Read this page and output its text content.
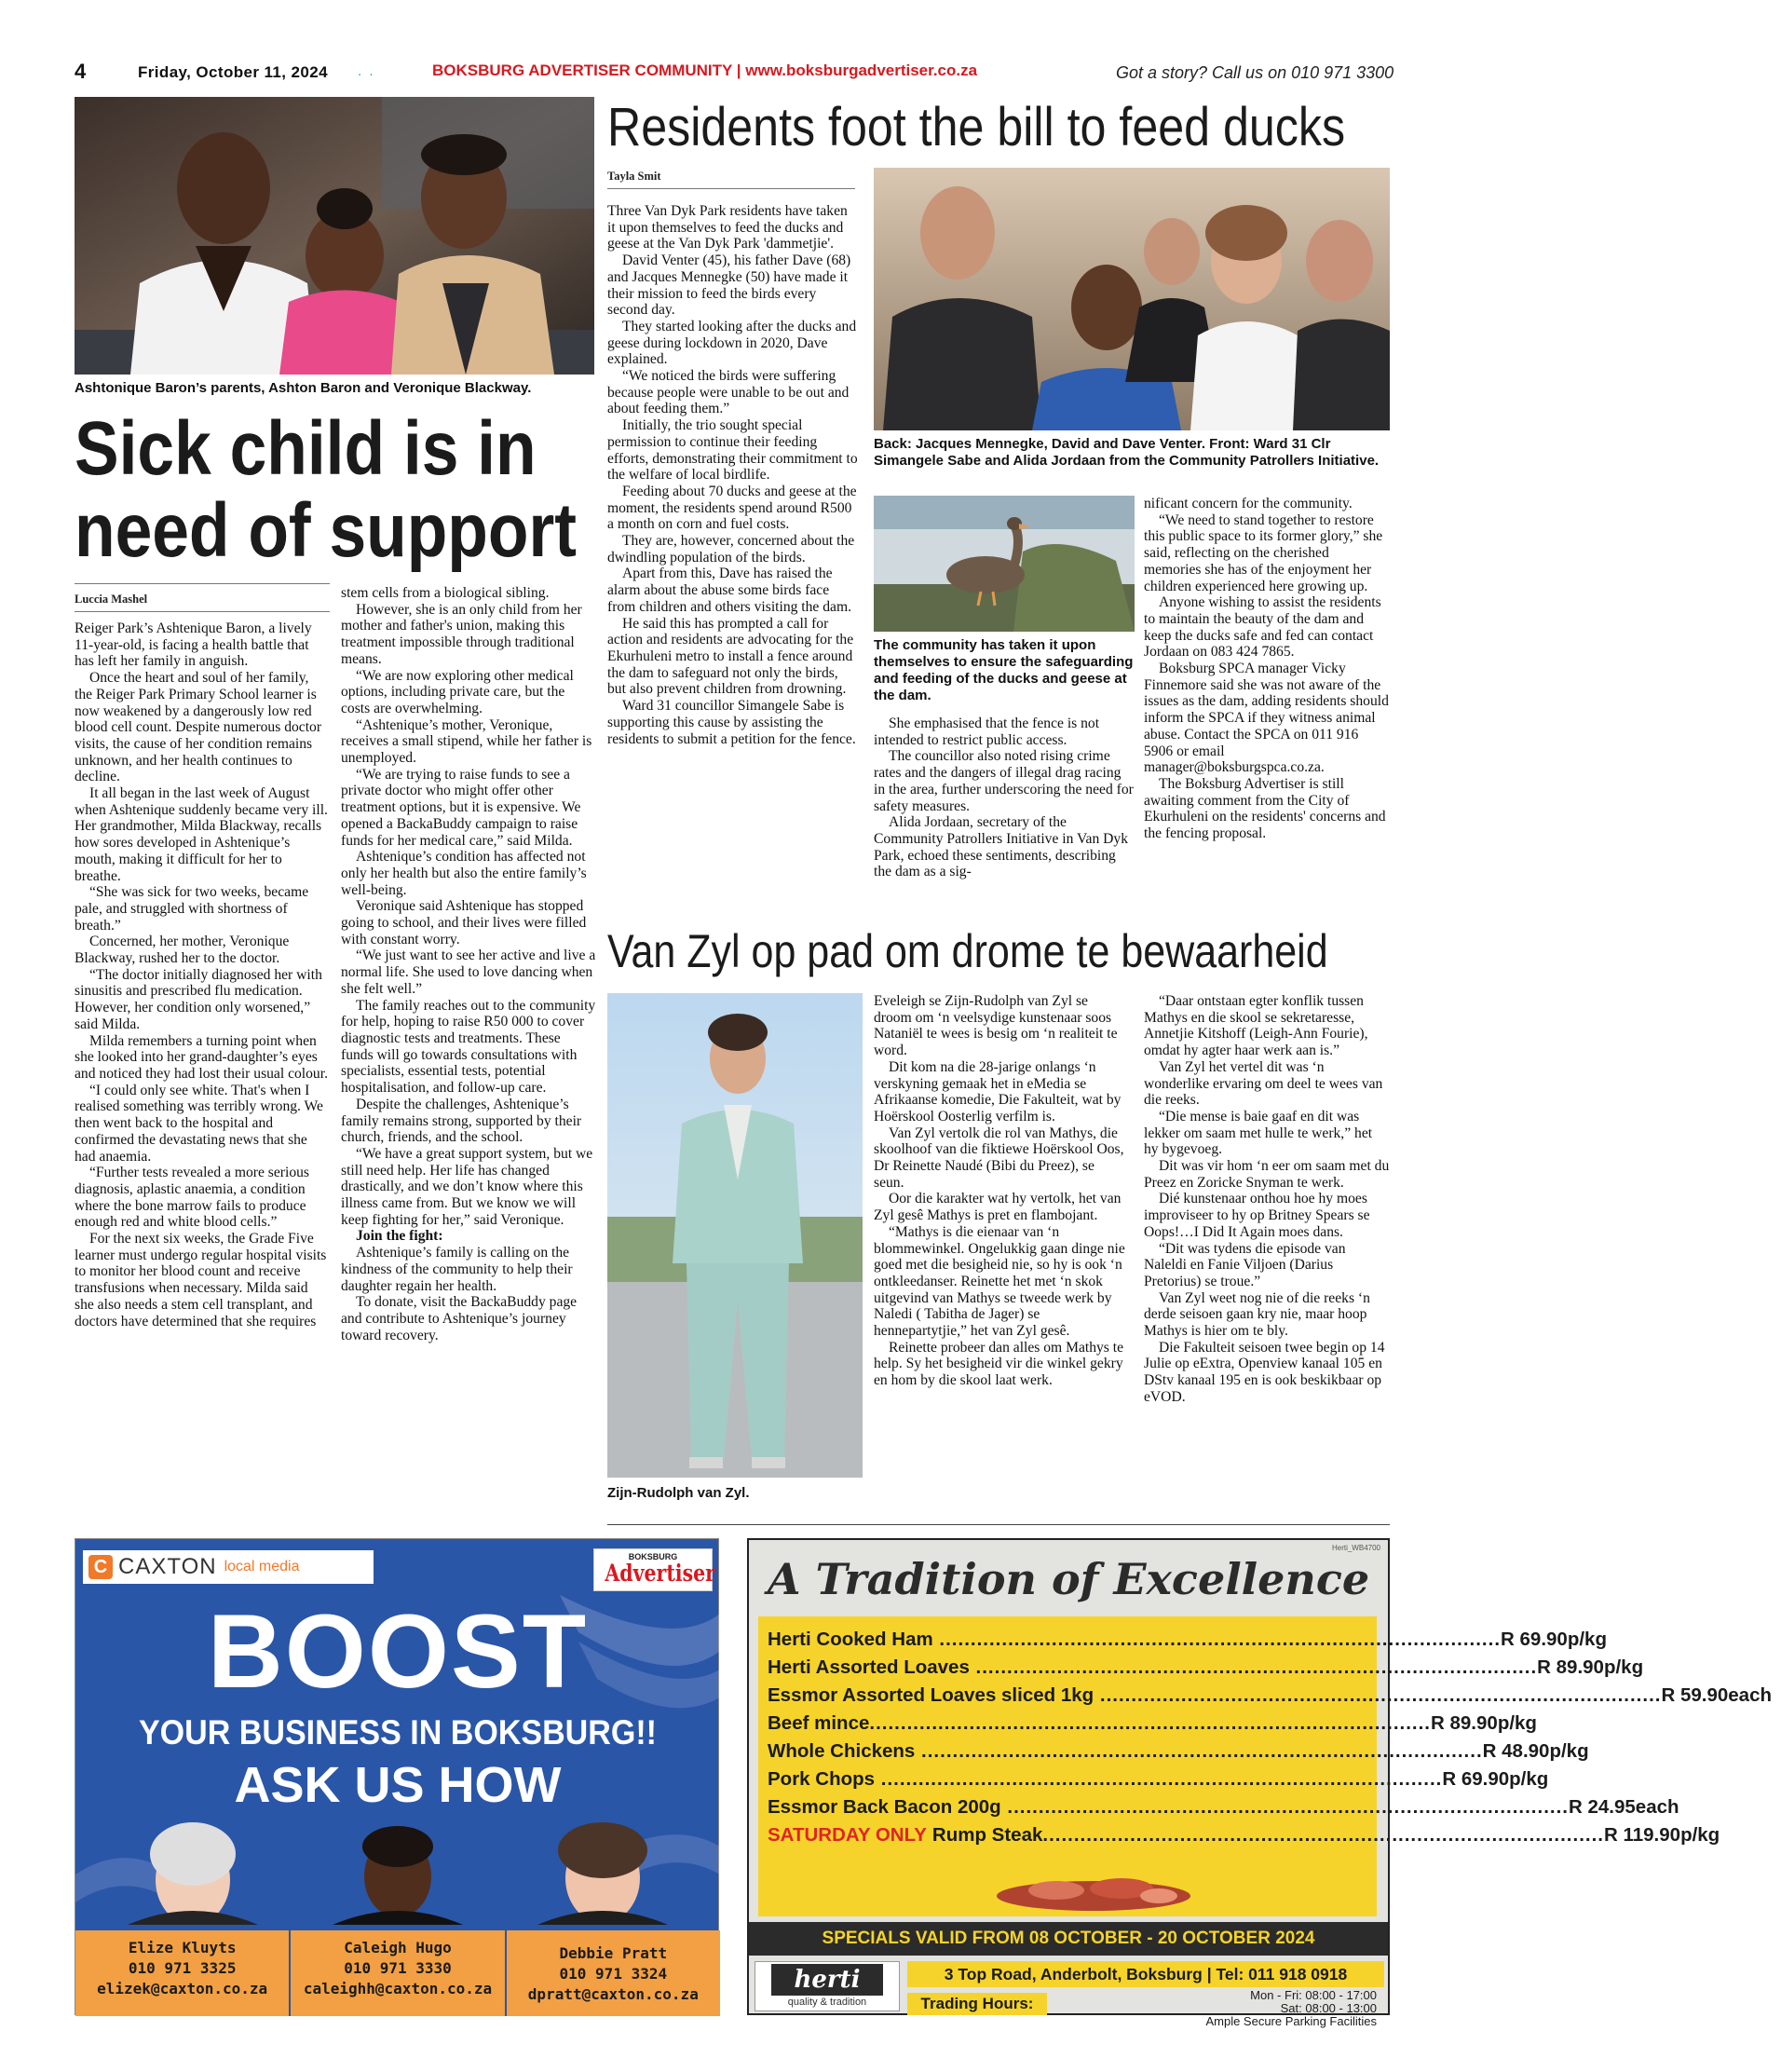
4	Friday, October 11, 2024 . .	BOKSBURG ADVERTISER COMMUNITY | www.boksburgadvertiser.co.za	Got a story? Call us on 010 971 3300
Ashtonique Baron’s parents, Ashton Baron and Veronique Blackway.
Sick child is in
need of support
Luccia Mashel

Reiger Park’s Ashtenique Baron, a lively 11-year-old, is facing a health battle that has left her family in anguish.

Once the heart and soul of her family, the Reiger Park Primary School learner is now weakened by a dangerously low red blood cell count. Despite numerous doctor visits, the cause of her condition remains unknown, and her health continues to decline.

It all began in the last week of August when Ashtenique suddenly became very ill. Her grandmother, Milda Blackway, recalls how sores developed in Ashtenique’s mouth, making it difficult for her to breathe.

“She was sick for two weeks, became pale, and struggled with shortness of breath.”

Concerned, her mother, Veronique Blackway, rushed her to the doctor.

“The doctor initially diagnosed her with sinusitis and prescribed flu medication. However, her condition only worsened,” said Milda.

Milda remembers a turning point when she looked into her grand-daughter’s eyes and noticed they had lost their usual colour.

“I could only see white. That's when I realised something was terribly wrong. We then went back to the hospital and confirmed the devastating news that she had anaemia.

“Further tests revealed a more serious diagnosis, aplastic anaemia, a condition where the bone marrow fails to produce enough red and white blood cells.”

For the next six weeks, the Grade Five learner must undergo regular hospital visits to monitor her blood count and receive transfusions when necessary. Milda said she also needs a stem cell transplant, and doctors have determined that she requires

stem cells from a biological sibling.

However, she is an only child from her mother and father's union, making this treatment impossible through traditional means.

“We are now exploring other medical options, including private care, but the costs are overwhelming.

“Ashtenique’s mother, Veronique, receives a small stipend, while her father is unemployed.

“We are trying to raise funds to see a private doctor who might offer other treatment options, but it is expensive. We opened a BackaBuddy campaign to raise funds for her medical care,” said Milda.

Ashtenique’s condition has affected not only her health but also the entire family’s well-being.

Veronique said Ashtenique has stopped going to school, and their lives were filled with constant worry.

“We just want to see her active and live a normal life. She used to love dancing when she felt well.”

The family reaches out to the community for help, hoping to raise R50 000 to cover diagnostic tests and treatments. These funds will go towards consultations with specialists, essential tests, potential hospitalisation, and follow-up care.

Despite the challenges, Ashtenique’s family remains strong, supported by their church, friends, and the school.

“We have a great support system, but we still need help. Her life has changed drastically, and we don’t know where this illness came from. But we know we will keep fighting for her,” said Veronique.

Join the fight:

Ashtenique’s family is calling on the kindness of the community to help their daughter regain her health.

To donate, visit the BackaBuddy page and contribute to Ashtenique’s journey toward recovery.

Residents foot the bill to feed ducks
Tayla Smit

Three Van Dyk Park residents have taken it upon themselves to feed the ducks and geese at the Van Dyk Park 'dammetjie'.

David Venter (45), his father Dave (68) and Jacques Mennegke (50) have made it their mission to feed the birds every second day.

They started looking after the ducks and geese during lockdown in 2020, Dave explained.

“We noticed the birds were suffering because people were unable to be out and about feeding them.”

Initially, the trio sought special permission to continue their feeding efforts, demonstrating their commitment to the welfare of local birdlife.

Feeding about 70 ducks and geese at the moment, the residents spend around R500 a month on corn and fuel costs.

They are, however, concerned about the dwindling population of the birds.

Apart from this, Dave has raised the alarm about the abuse some birds face from children and others visiting the dam.

He said this has prompted a call for action and residents are advocating for the Ekurhuleni metro to install a fence around the dam to safeguard not only the birds, but also prevent children from drowning.

Ward 31 councillor Simangele Sabe is supporting this cause by assisting the residents to submit a petition for the fence.

Back: Jacques Mennegke, David and Dave Venter. Front: Ward 31 Clr Simangele Sabe and Alida Jordaan from the Community Patrollers Initiative.
The community has taken it upon themselves to ensure the safeguarding and feeding of the ducks and geese at the dam.

She emphasised that the fence is not intended to restrict public access.

The councillor also noted rising crime rates and the dangers of illegal drag racing in the area, further underscoring the need for safety measures.

Alida Jordaan, secretary of the Community Patrollers Initiative in Van Dyk Park, echoed these sentiments, describing the dam as a sig-

nificant concern for the community.

“We need to stand together to restore this public space to its former glory,” she said, reflecting on the cherished memories she has of the enjoyment her children experienced here growing up.

Anyone wishing to assist the residents to maintain the beauty of the dam and keep the ducks safe and fed can contact Jordaan on 083 424 7865.

Boksburg SPCA manager Vicky Finnemore said she was not aware of the issues as the dam, adding residents should inform the SPCA if they witness animal abuse. Contact the SPCA on 011 916 5906 or email manager@boksburgspca.co.za.

The Boksburg Advertiser is still awaiting comment from the City of Ekurhuleni on the residents' concerns and the fencing proposal.

Van Zyl op pad om drome te bewaarheid
Zijn-Rudolph van Zyl.

Eveleigh se Zijn-Rudolph van Zyl se droom om ‘n veelsydige kunstenaar soos Nataniël te wees is besig om ‘n realiteit te word.

Dit kom na die 28-jarige onlangs ‘n verskyning gemaak het in eMedia se Afrikaanse komedie, Die Fakulteit, wat by Hoërskool Oosterlig verfilm is.

Van Zyl vertolk die rol van Mathys, die skoolhoof van die fiktiewe Hoërskool Oos, Dr Reinette Naudé (Bibi du Preez), se seun.

Oor die karakter wat hy vertolk, het van Zyl gesê Mathys is pret en flambojant.

“Mathys is die eienaar van ‘n blommewinkel. Ongelukkig gaan dinge nie goed met die besigheid nie, so hy is ook ‘n ontkleedanser. Reinette het met ‘n skok uitgevind van Mathys se tweede werk by Naledi ( Tabitha de Jager) se hennepartytjie,” het van Zyl gesê.

Reinette probeer dan alles om Mathys te help. Sy het besigheid vir die winkel gekry en hom by die skool laat werk.

“Daar ontstaan egter konflik tussen Mathys en die skool se sekretaresse, Annetjie Kitshoff (Leigh-Ann Fourie), omdat hy agter haar werk aan is.”

Van Zyl het vertel dit was ‘n wonderlike ervaring om deel te wees van die reeks.

“Die mense is baie gaaf en dit was lekker om saam met hulle te werk,” het hy bygevoeg.

Dit was vir hom ‘n eer om saam met du Preez en Zoricke Snyman te werk.

Dié kunstenaar onthou hoe hy moes improviseer to hy op Britney Spears se Oops!…I Did It Again moes dans.

“Dit was tydens die episode van Naleldi en Fanie Viljoen (Darius Pretorius) se troue.”

Van Zyl weet nog nie of die reeks ‘n derde seisoen gaan kry nie, maar hoop Mathys is hier om te bly.

Die Fakulteit seisoen twee begin op 14 Julie op eExtra, Openview kanaal 105 en DStv kanaal 195 en is ook beskikbaar op eVOD.

C CAXTON local media
BOKSBURG
Advertiser
BOOST
YOUR BUSINESS IN BOKSBURG!!
ASK US HOW
Elize Kluyts
010 971 3325
elizek@caxton.co.za
Caleigh Hugo
010 971 3330
caleighh@caxton.co.za
Debbie Pratt
010 971 3324
dpratt@caxton.co.za
Herti_WB4700
A Tradition of Excellence
Herti Cooked Ham .......................................................................................... R 69.90 p/kg
Herti Assorted Loaves .......................................................................................... R 89.90 p/kg
Essmor Assorted Loaves sliced 1kg .......................................................................................... R 59.90 each
Beef mince .......................................................................................... R 89.90 p/kg
Whole Chickens .......................................................................................... R 48.90 p/kg
Pork Chops .......................................................................................... R 69.90 p/kg
Essmor Back Bacon 200g .......................................................................................... R 24.95 each
SATURDAY ONLY Rump Steak .......................................................................................... R 119.90 p/kg
SPECIALS VALID FROM 08 OCTOBER - 20 OCTOBER 2024
herti
quality & tradition
3 Top Road, Anderbolt, Boksburg | Tel: 011 918 0918
Trading Hours:	Mon - Fri: 08:00 - 17:00
Sat: 08:00 - 13:00
Ample Secure Parking Facilities
